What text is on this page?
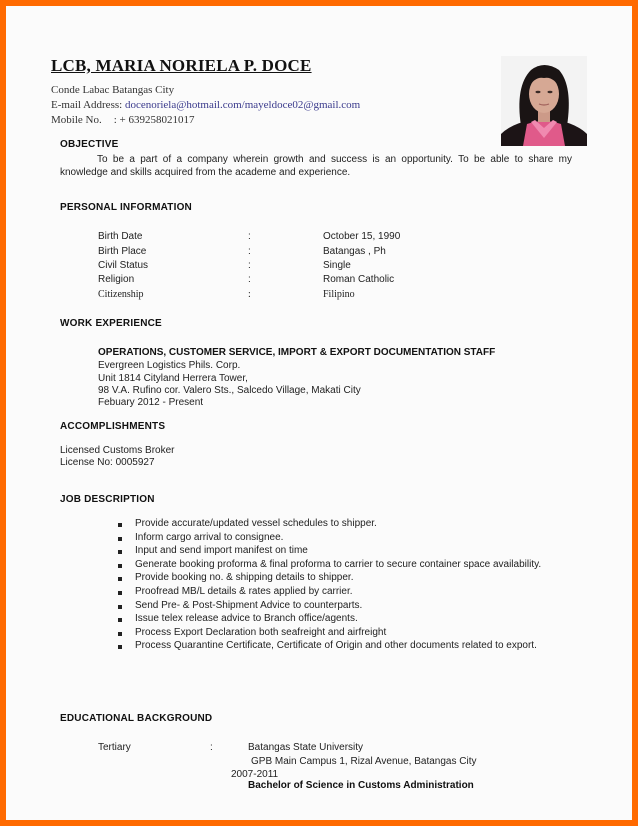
LCB, MARIA NORIELA P. DOCE
Conde Labac Batangas City
E-mail Address: docenoriela@hotmail.com/mayeldoce02@gmail.com
Mobile No. : + 639258021017
OBJECTIVE
To be a part of a company wherein growth and success is an opportunity. To be able to share my knowledge and skills acquired from the academe and experience.
PERSONAL INFORMATION
Birth Date	:	October 15, 1990
Birth Place	:	Batangas , Ph
Civil Status	:	Single
Religion	:	Roman Catholic
Citizenship	:	Filipino
WORK EXPERIENCE
OPERATIONS, CUSTOMER SERVICE, IMPORT & EXPORT DOCUMENTATION STAFF
Evergreen Logistics Phils. Corp.
Unit 1814 Cityland Herrera Tower,
98 V.A. Rufino cor. Valero Sts., Salcedo Village, Makati City
Febuary 2012 - Present
ACCOMPLISHMENTS
Licensed Customs Broker
License No: 0005927
JOB DESCRIPTION
Provide accurate/updated vessel schedules to shipper.
Inform cargo arrival to consignee.
Input and send import manifest on time
Generate booking proforma & final proforma to carrier to secure container space availability.
Provide booking no. & shipping details to shipper.
Proofread MB/L details & rates applied by carrier.
Send Pre- & Post-Shipment Advice to counterparts.
Issue telex release advice to Branch office/agents.
Process Export Declaration both seafreight and airfreight
Process Quarantine Certificate, Certificate of Origin and other documents related to export.
EDUCATIONAL BACKGROUND
Tertiary	:	Batangas State University
GPB Main Campus 1, Rizal Avenue, Batangas City
2007-2011
Bachelor of Science in Customs Administration
